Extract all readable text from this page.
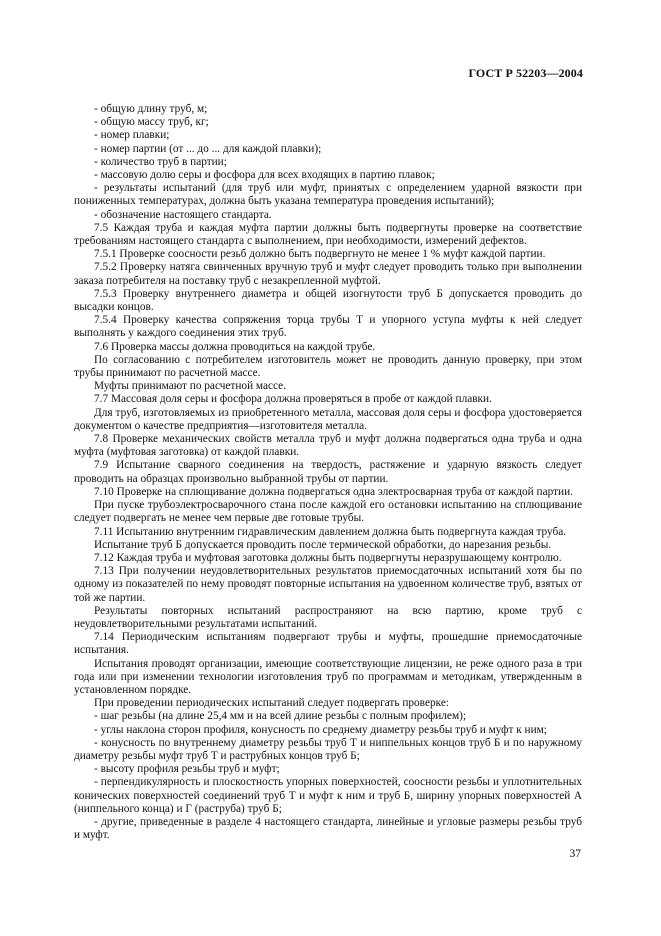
ГОСТ Р 52203—2004

- общую длину труб, м;

- общую массу труб, кг;

- номер плавки;

- номер партии (от ... до ... для каждой плавки);

- количество труб в партии;

- массовую долю серы и фосфора для всех входящих в партию плавок;

- результаты испытаний (для труб или муфт, принятых с определением ударной вязкости при пониженных температурах, должна быть указана температура проведения испытаний);

- обозначение настоящего стандарта.

7.5 Каждая труба и каждая муфта партии должны быть подвергнуты проверке на соответствие требованиям настоящего стандарта с выполнением, при необходимости, измерений дефектов.

7.5.1 Проверке соосности резьб должно быть подвергнуто не менее 1 % муфт каждой партии.

7.5.2 Проверку натяга свинченных вручную труб и муфт следует проводить только при выполнении заказа потребителя на поставку труб с незакрепленной муфтой.

7.5.3 Проверку внутреннего диаметра и общей изогнутости труб Б допускается проводить до высадки концов.

7.5.4 Проверку качества сопряжения торца трубы Т и упорного уступа муфты к ней следует выполнять у каждого соединения этих труб.

7.6 Проверка массы должна проводиться на каждой трубе.

По согласованию с потребителем изготовитель может не проводить данную проверку, при этом трубы принимают по расчетной массе.

Муфты принимают по расчетной массе.

7.7 Массовая доля серы и фосфора должна проверяться в пробе от каждой плавки.

Для труб, изготовляемых из приобретенного металла, массовая доля серы и фосфора удостоверяется документом о качестве предприятия—изготовителя металла.

7.8 Проверке механических свойств металла труб и муфт должна подвергаться одна труба и одна муфта (муфтовая заготовка) от каждой плавки.

7.9 Испытание сварного соединения на твердость, растяжение и ударную вязкость следует проводить на образцах произвольно выбранной трубы от партии.

7.10 Проверке на сплющивание должна подвергаться одна электросварная труба от каждой партии.

При пуске трубоэлектросварочного стана после каждой его остановки испытанию на сплющивание следует подвергать не менее чем первые две готовые трубы.

7.11 Испытанию внутренним гидравлическим давлением должна быть подвергнута каждая труба.

Испытание труб Б допускается проводить после термической обработки, до нарезания резьбы.

7.12 Каждая труба и муфтовая заготовка должны быть подвергнуты неразрушающему контролю.

7.13 При получении неудовлетворительных результатов приемосдаточных испытаний хотя бы по одному из показателей по нему проводят повторные испытания на удвоенном количестве труб, взятых от той же партии.

Результаты повторных испытаний распространяют на всю партию, кроме труб с неудовлетворительными результатами испытаний.

7.14 Периодическим испытаниям подвергают трубы и муфты, прошедшие приемосдаточные испытания.

Испытания проводят организации, имеющие соответствующие лицензии, не реже одного раза в три года или при изменении технологии изготовления труб по программам и методикам, утвержденным в установленном порядке.

При проведении периодических испытаний следует подвергать проверке:

- шаг резьбы (на длине 25,4 мм и на всей длине резьбы с полным профилем);

- углы наклона сторон профиля, конусность по среднему диаметру резьбы труб и муфт к ним;

- конусность по внутреннему диаметру резьбы труб Т и ниппельных концов труб Б и по наружному диаметру резьбы муфт труб Т и раструбных концов труб Б;

- высоту профиля резьбы труб и муфт;

- перпендикулярность и плоскостность упорных поверхностей, соосности резьбы и уплотнительных конических поверхностей соединений труб Т и муфт к ним и труб Б, ширину упорных поверхностей А (ниппельного конца) и Г (раструба) труб Б;

- другие, приведенные в разделе 4 настоящего стандарта, линейные и угловые размеры резьбы труб и муфт.

37
